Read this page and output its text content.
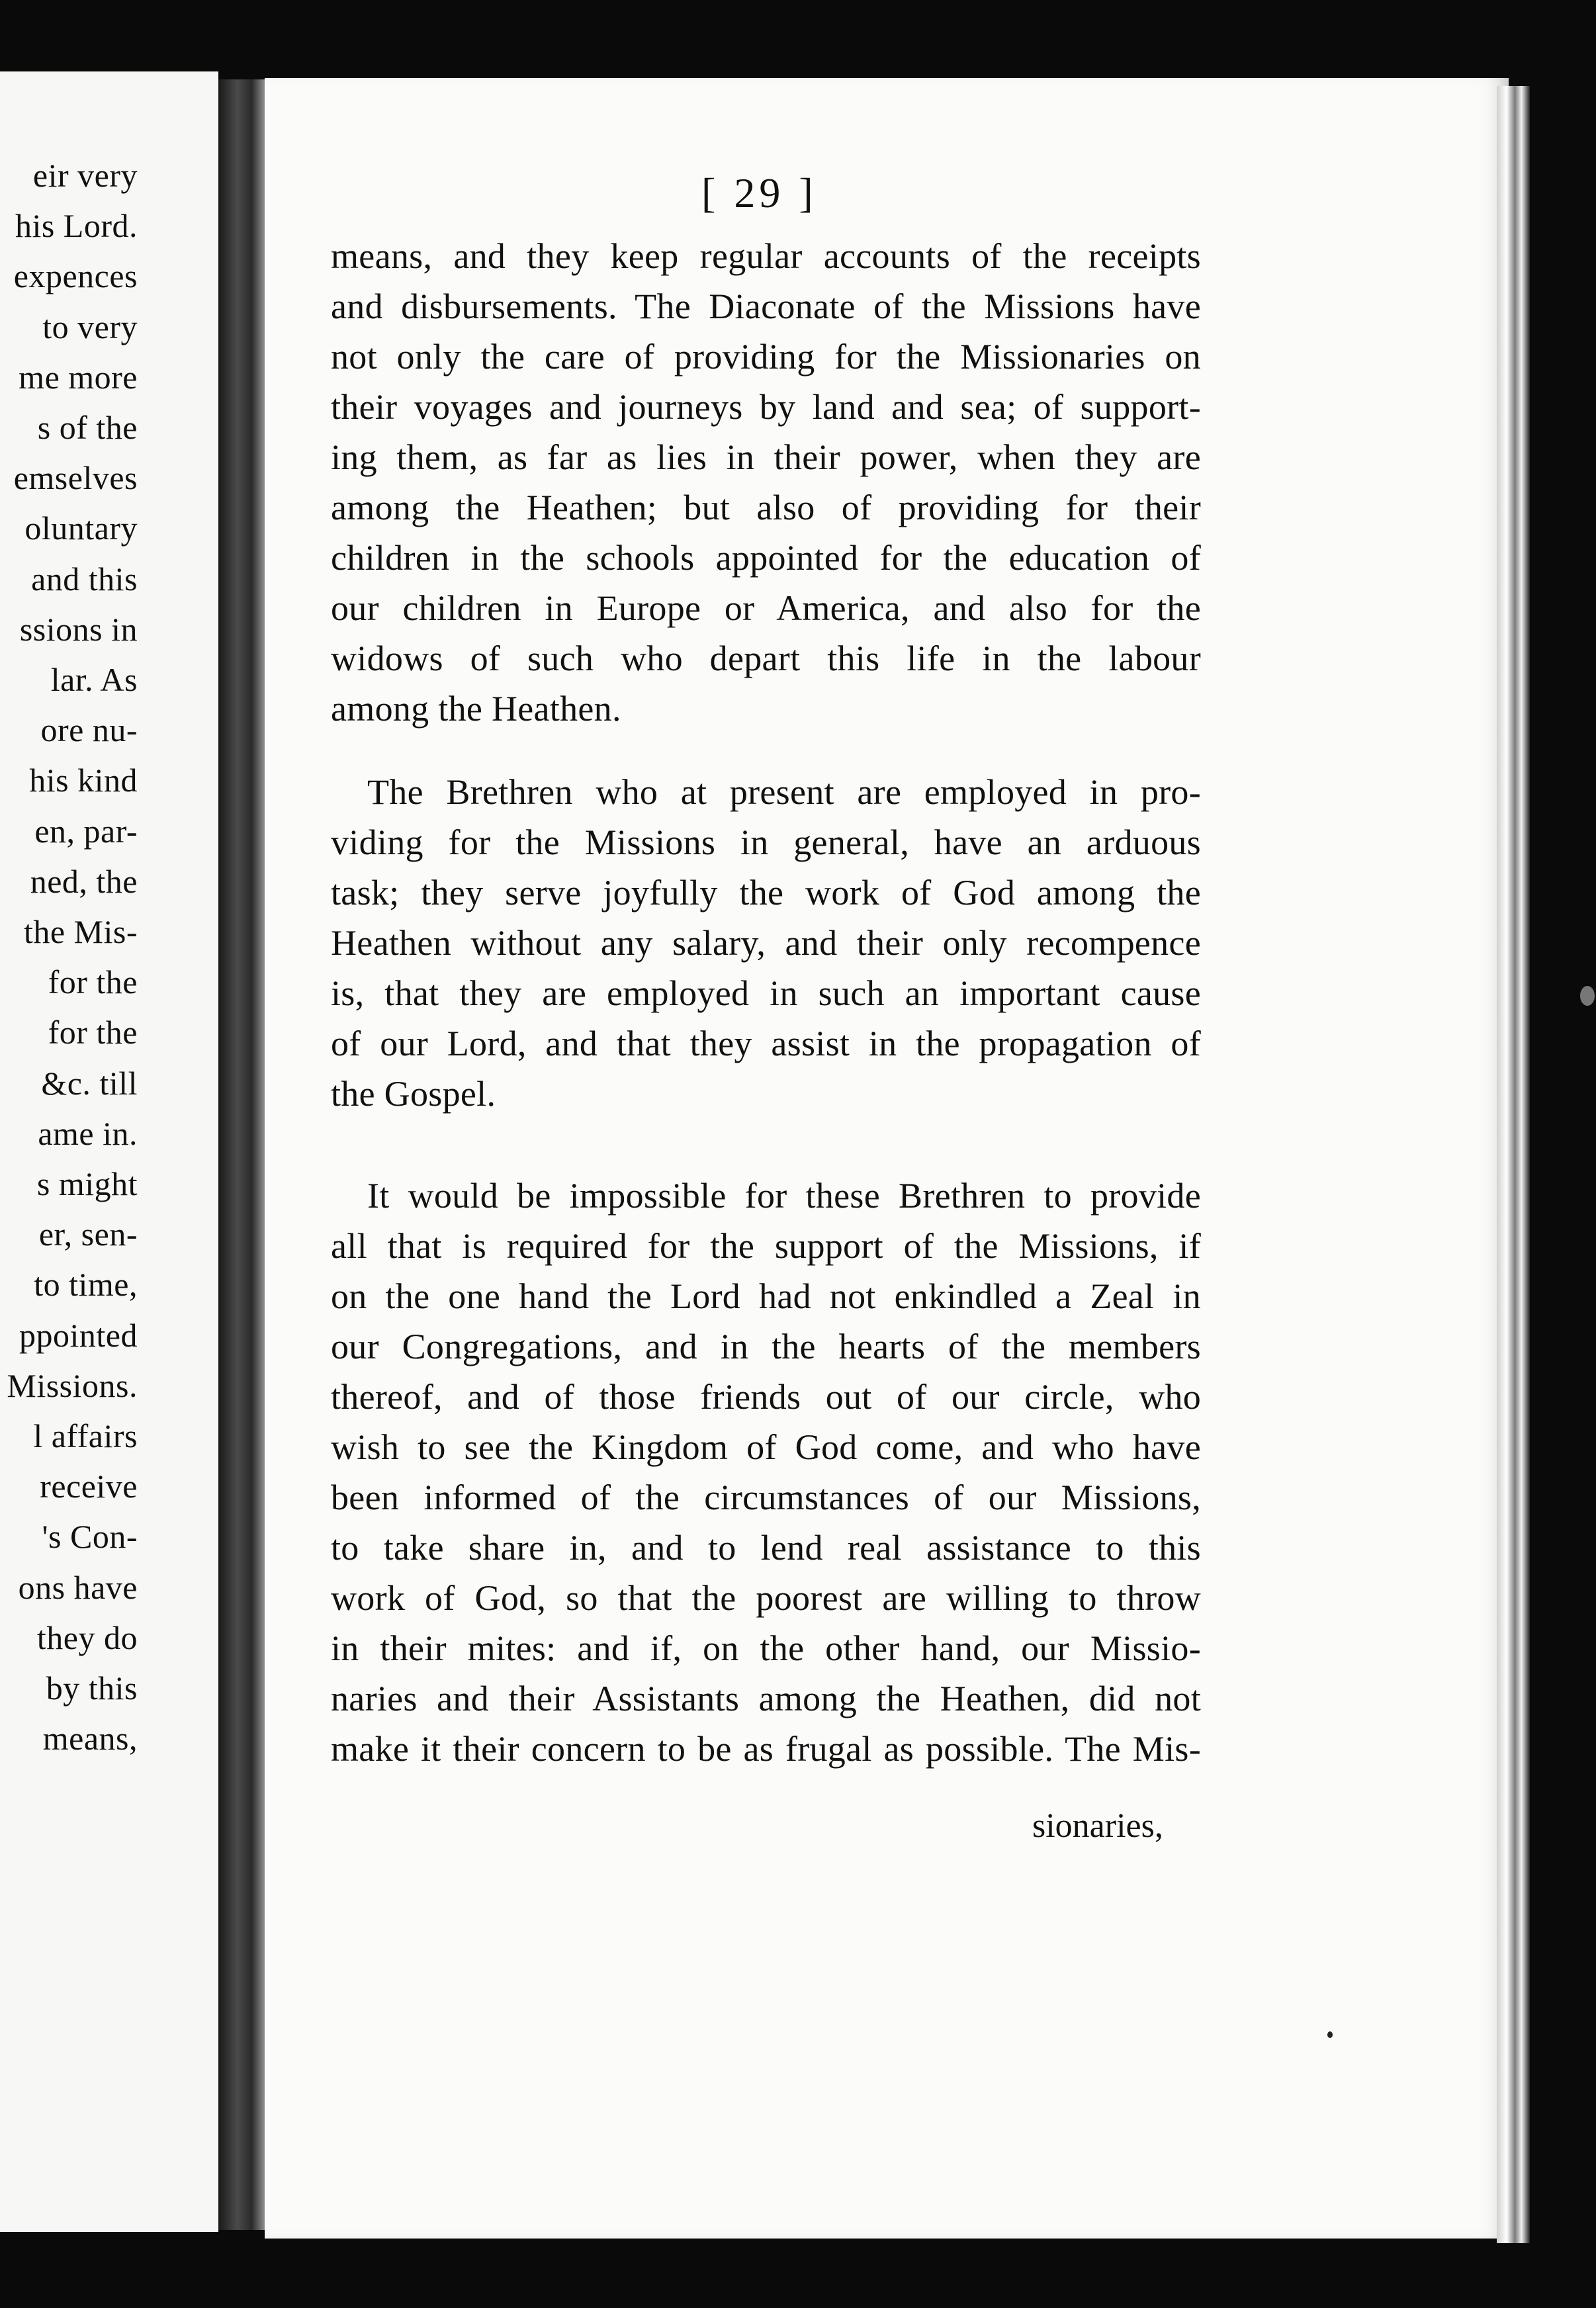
eir very
his Lord.
expences
to very
me more
s of the
emselves
oluntary
and this
ssions in
lar. As
ore nu-
his kind
en, par-
ned, the
the Mis-
for the
for the
&c. till
ame in.
s might
er, sen-
to time,
ppointed
Missions.
l affairs
receive
's Con-
ons have
they do
by this
means,
[ 29 ]
means, and they keep regular accounts of the receipts
and disbursements. The Diaconate of the Missions have
not only the care of providing for the Missionaries on
their voyages and journeys by land and sea; of support-
ing them, as far as lies in their power, when they are
among the Heathen; but also of providing for their
children in the schools appointed for the education of
our children in Europe or America, and also for the
widows of such who depart this life in the labour
among the Heathen.
The Brethren who at present are employed in pro-
viding for the Missions in general, have an arduous
task; they serve joyfully the work of God among the
Heathen without any salary, and their only recompence
is, that they are employed in such an important cause
of our Lord, and that they assist in the propagation of
the Gospel.
It would be impossible for these Brethren to provide
all that is required for the support of the Missions, if
on the one hand the Lord had not enkindled a Zeal in
our Congregations, and in the hearts of the members
thereof, and of those friends out of our circle, who
wish to see the Kingdom of God come, and who have
been informed of the circumstances of our Missions,
to take share in, and to lend real assistance to this
work of God, so that the poorest are willing to throw
in their mites: and if, on the other hand, our Missio-
naries and their Assistants among the Heathen, did not
make it their concern to be as frugal as possible. The Mis-
sionaries,
